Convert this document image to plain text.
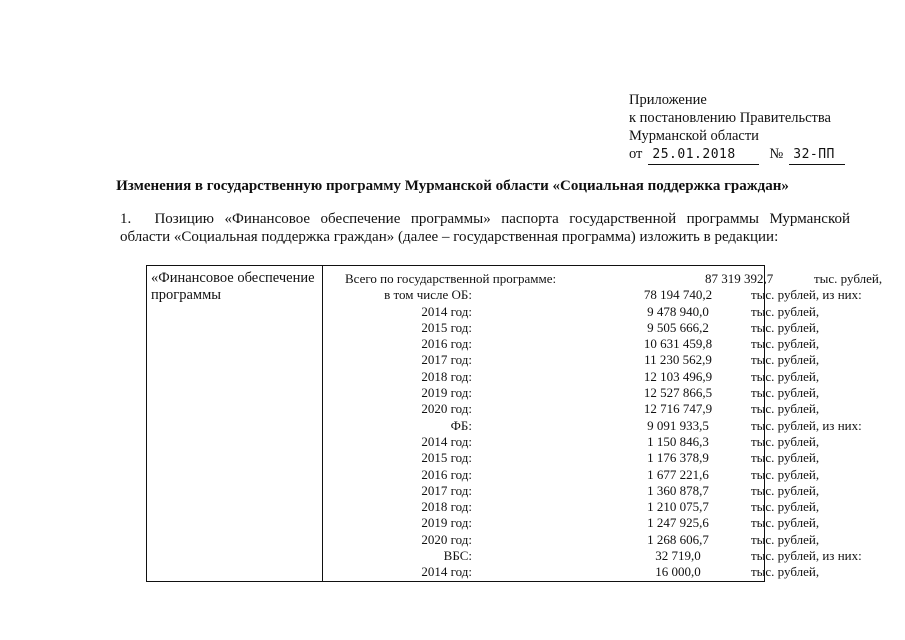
Приложение
к постановлению Правительства
Мурманской области
от 25.01.2018	№ 32-ПП
Изменения в государственную программу Мурманской области «Социальная поддержка граждан»
1. Позицию «Финансовое обеспечение программы» паспорта государственной программы Мурманской
области «Социальная поддержка граждан» (далее – государственная программа) изложить в редакции:
«Финансовое обеспечение программы
Всего по государственной программе:	87 319 392,7	тыс. рублей,
в том числе ОБ:	78 194 740,2	тыс. рублей, из них:
2014 год:	9 478 940,0	тыс. рублей,
2015 год:	9 505 666,2	тыс. рублей,
2016 год:	10 631 459,8	тыс. рублей,
2017 год:	11 230 562,9	тыс. рублей,
2018 год:	12 103 496,9	тыс. рублей,
2019 год:	12 527 866,5	тыс. рублей,
2020 год:	12 716 747,9	тыс. рублей,
ФБ:	9 091 933,5	тыс. рублей, из них:
2014 год:	1 150 846,3	тыс. рублей,
2015 год:	1 176 378,9	тыс. рублей,
2016 год:	1 677 221,6	тыс. рублей,
2017 год:	1 360 878,7	тыс. рублей,
2018 год:	1 210 075,7	тыс. рублей,
2019 год:	1 247 925,6	тыс. рублей,
2020 год:	1 268 606,7	тыс. рублей,
ВБС:	32 719,0	тыс. рублей, из них:
2014 год:	16 000,0	тыс. рублей,
